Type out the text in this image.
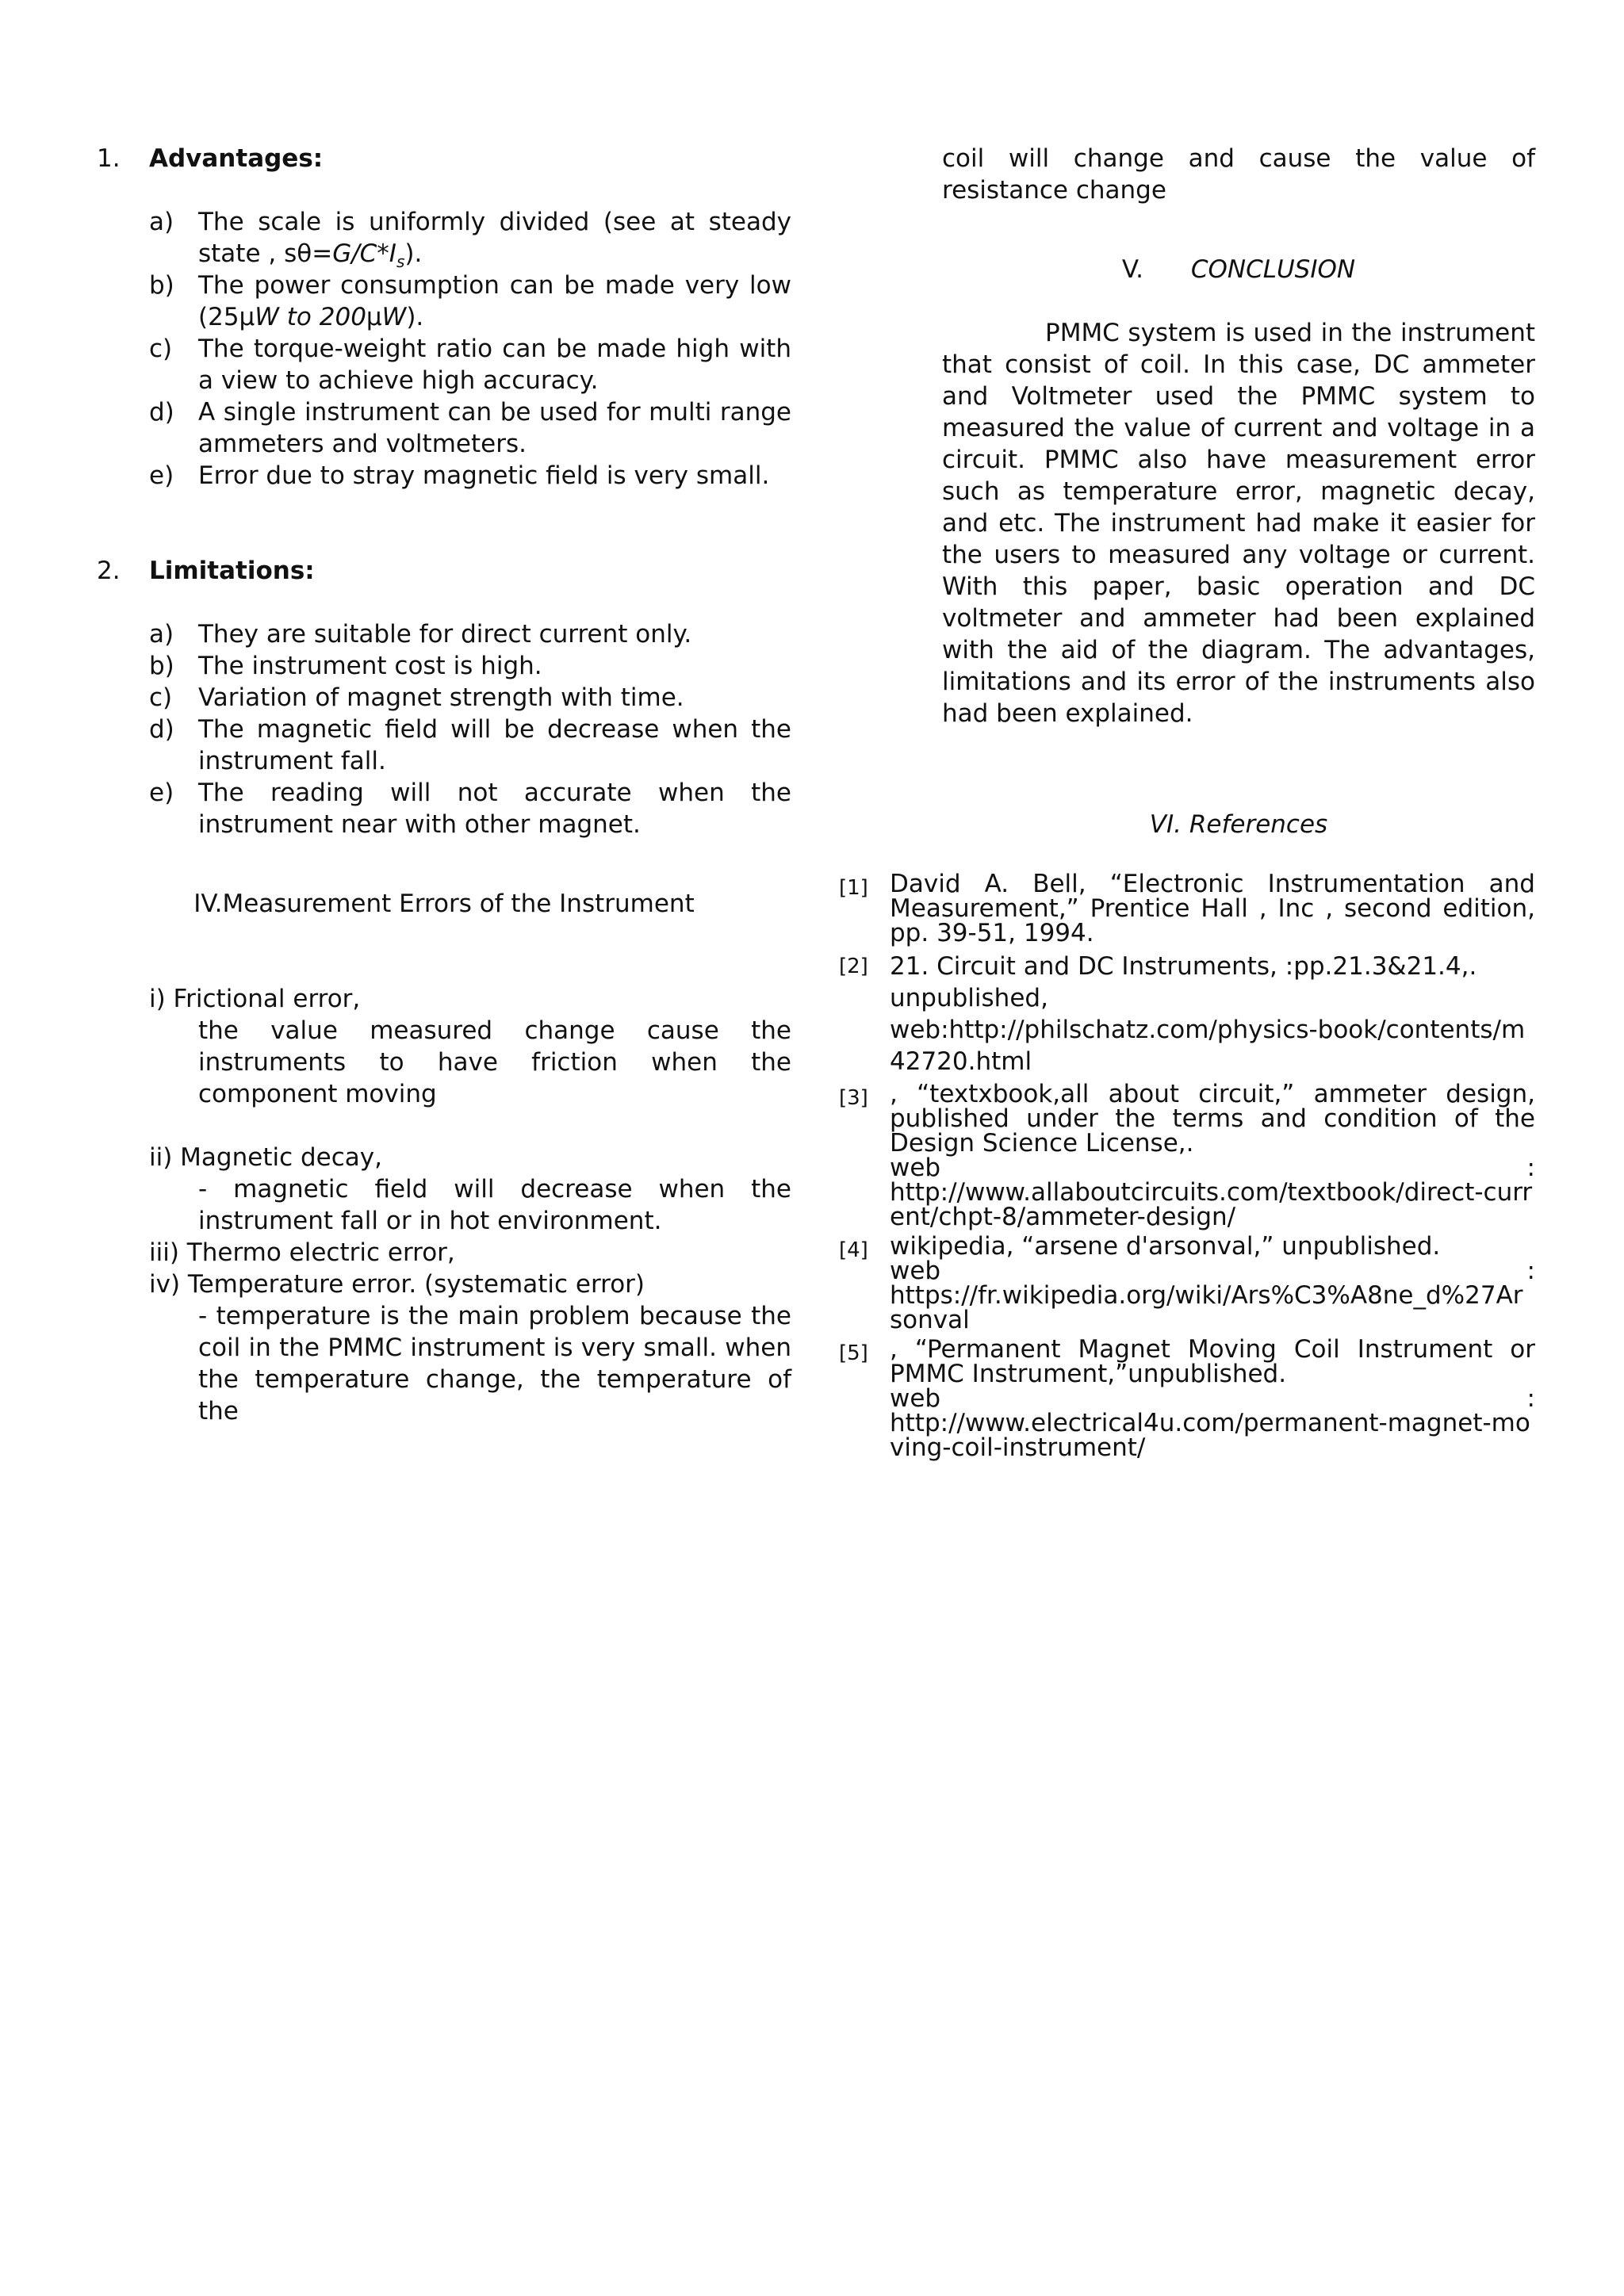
1.	Advantages:
a) The scale is uniformly divided (see at steady state , $s\theta=G/C*I_s$).
b) The power consumption can be made very low (25μW to 200μW).
c)	The torque-weight ratio can be made high with a view to achieve high accuracy.
d) A single instrument can be used for multi range ammeters and voltmeters.
e) Error due to stray magnetic field is very small.
2.	Limitations:
a) They are suitable for direct current only.
b) The instrument cost is high.
c)	Variation of magnet strength with time.
d) The magnetic field will be decrease when the instrument fall.
e) The reading will not accurate when the instrument near with other magnet.
IV.Measurement Errors of the Instrument
i) Frictional error,
the value measured change cause the instruments to have friction when the component moving
ii) Magnetic decay,
- magnetic field will decrease when the instrument fall or in hot environment.
iii) Thermo electric error,
iv) Temperature error. (systematic error)
- temperature is the main problem because the coil in the PMMC instrument is very small. when the temperature change, the temperature of the
coil will change and cause the value of resistance change
V. CONCLUSION
PMMC system is used in the instrument that consist of coil. In this case, DC ammeter and Voltmeter used the PMMC system to measured the value of current and voltage in a circuit. PMMC also have measurement error such as temperature error, magnetic decay, and etc. The instrument had make it easier for the users to measured any voltage or current. With this paper, basic operation and DC voltmeter and ammeter had been explained with the aid of the diagram. The advantages, limitations and its error of the instruments also had been explained.
VI. References
[1] David A. Bell, “Electronic Instrumentation and Measurement,” Prentice Hall , Inc , second edition, pp. 39-51, 1994.
[2] 21. Circuit and DC Instruments, :pp.21.3&21.4,.
unpublished,
web:http://philschatz.com/physics-book/contents/m42720.html
[3] , “textxbook,all about circuit,” ammeter design, published under the terms and condition of the Design Science License,.
web	:
http://www.allaboutcircuits.com/textbook/direct-current/chpt-8/ammeter-design/
[4] wikipedia, “arsene d'arsonval,” unpublished.
web	:
https://fr.wikipedia.org/wiki/Ars%C3%A8ne_d%27Arsonval
[5] , “Permanent Magnet Moving Coil Instrument or PMMC Instrument,”unpublished.
web	:
http://www.electrical4u.com/permanent-magnet-moving-coil-instrument/
